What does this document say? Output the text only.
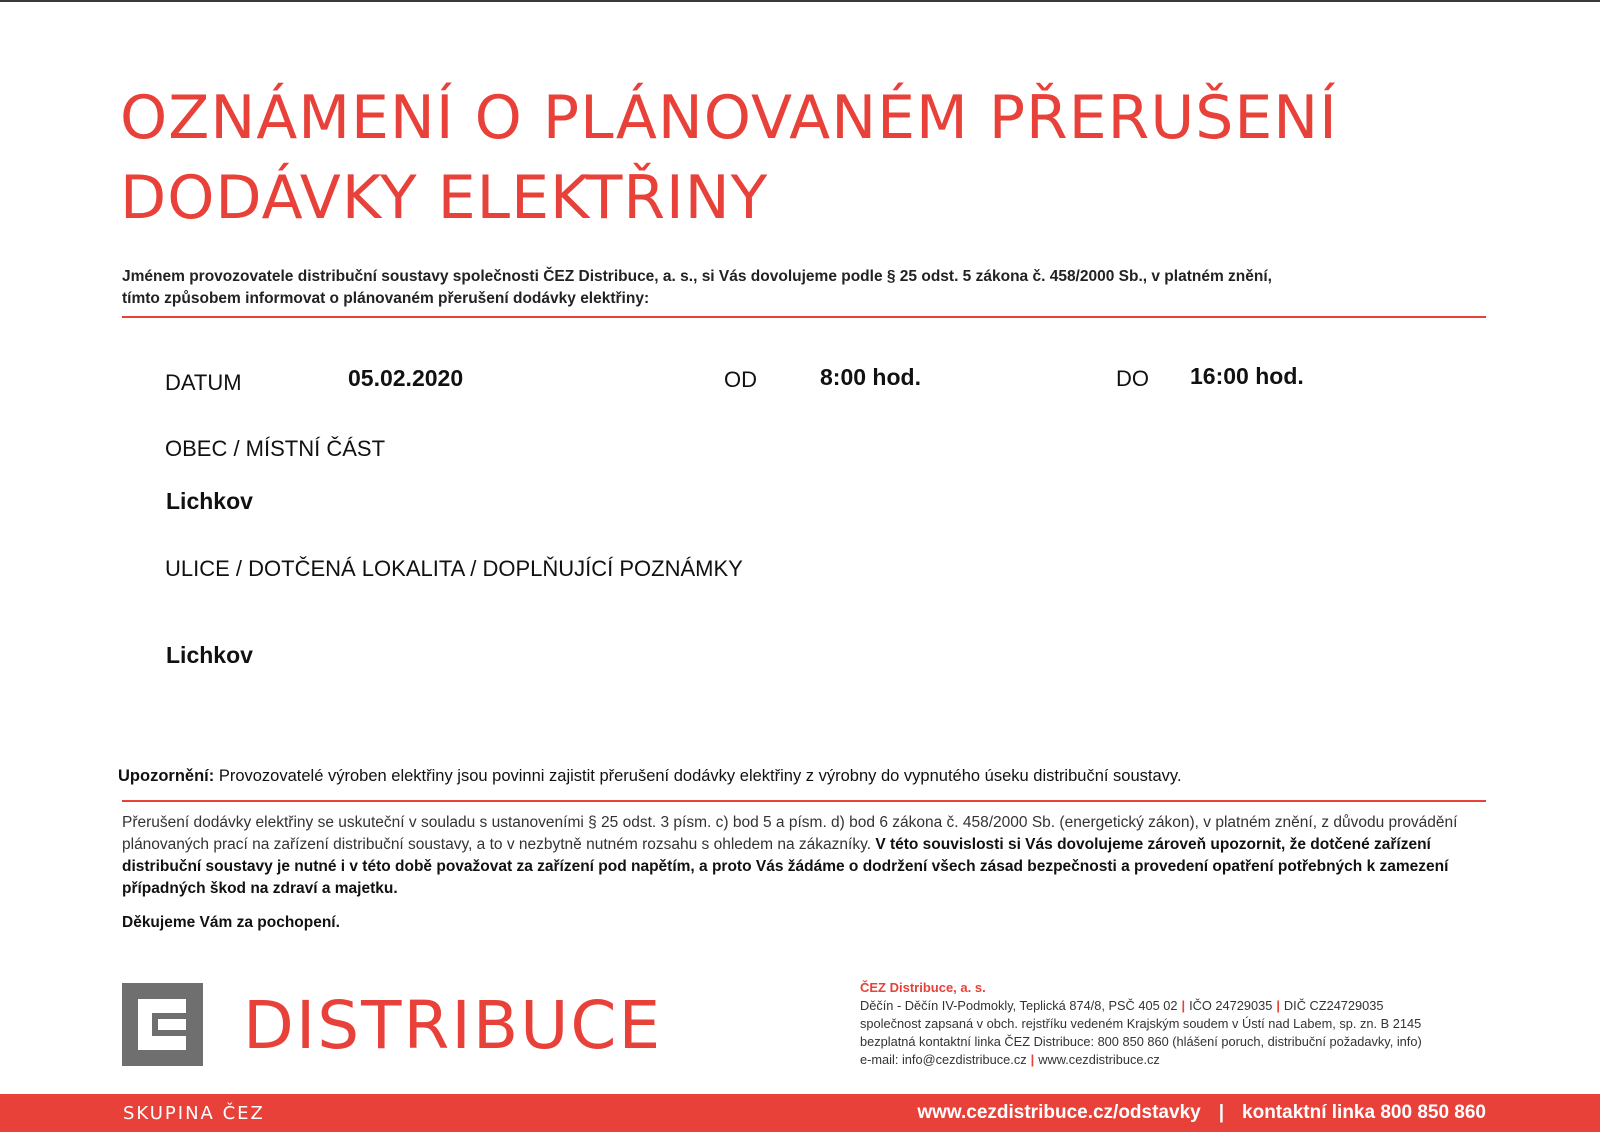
OZNÁMENÍ O PLÁNOVANÉM PŘERUŠENÍ
DODÁVKY ELEKTŘINY
Jménem provozovatele distribuční soustavy společnosti ČEZ Distribuce, a. s., si Vás dovolujeme podle § 25 odst. 5 zákona č. 458/2000 Sb., v platném znění,
tímto způsobem informovat o plánovaném přerušení dodávky elektřiny:
DATUM	05.02.2020	OD	8:00 hod.	DO 16:00 hod.
OBEC / MÍSTNÍ ČÁST
Lichkov
ULICE / DOTČENÁ LOKALITA / DOPLŇUJÍCÍ POZNÁMKY
Lichkov
Upozornění: Provozovatelé výroben elektřiny jsou povinni zajistit přerušení dodávky elektřiny z výrobny do vypnutého úseku distribuční soustavy.
Přerušení dodávky elektřiny se uskuteční v souladu s ustanoveními § 25 odst. 3 písm. c) bod 5 a písm. d) bod 6 zákona č. 458/2000 Sb. (energetický zákon), v platném znění, z důvodu provádění plánovaných prací na zařízení distribuční soustavy, a to v nezbytně nutném rozsahu s ohledem na zákazníky. V této souvislosti si Vás dovolujeme zároveň upozornit, že dotčené zařízení distribuční soustavy je nutné i v této době považovat za zařízení pod napětím, a proto Vás žádáme o dodržení všech zásad bezpečnosti a provedení opatření potřebných k zamezení případných škod na zdraví a majetku.
Děkujeme Vám za pochopení.
DISTRIBUCE	ČEZ Distribuce, a. s.
Děčín - Děčín IV-Podmokly, Teplická 874/8, PSČ 405 02 | IČO 24729035 | DIČ CZ24729035
společnost zapsaná v obch. rejstříku vedeném Krajským soudem v Ústí nad Labem, sp. zn. B 2145
bezplatná kontaktní linka ČEZ Distribuce: 800 850 860 (hlášení poruch, distribuční požadavky, info)
e-mail: info@cezdistribuce.cz | www.cezdistribuce.cz
SKUPINA ČEZ	www.cezdistribuce.cz/odstavky | kontaktní linka 800 850 860
